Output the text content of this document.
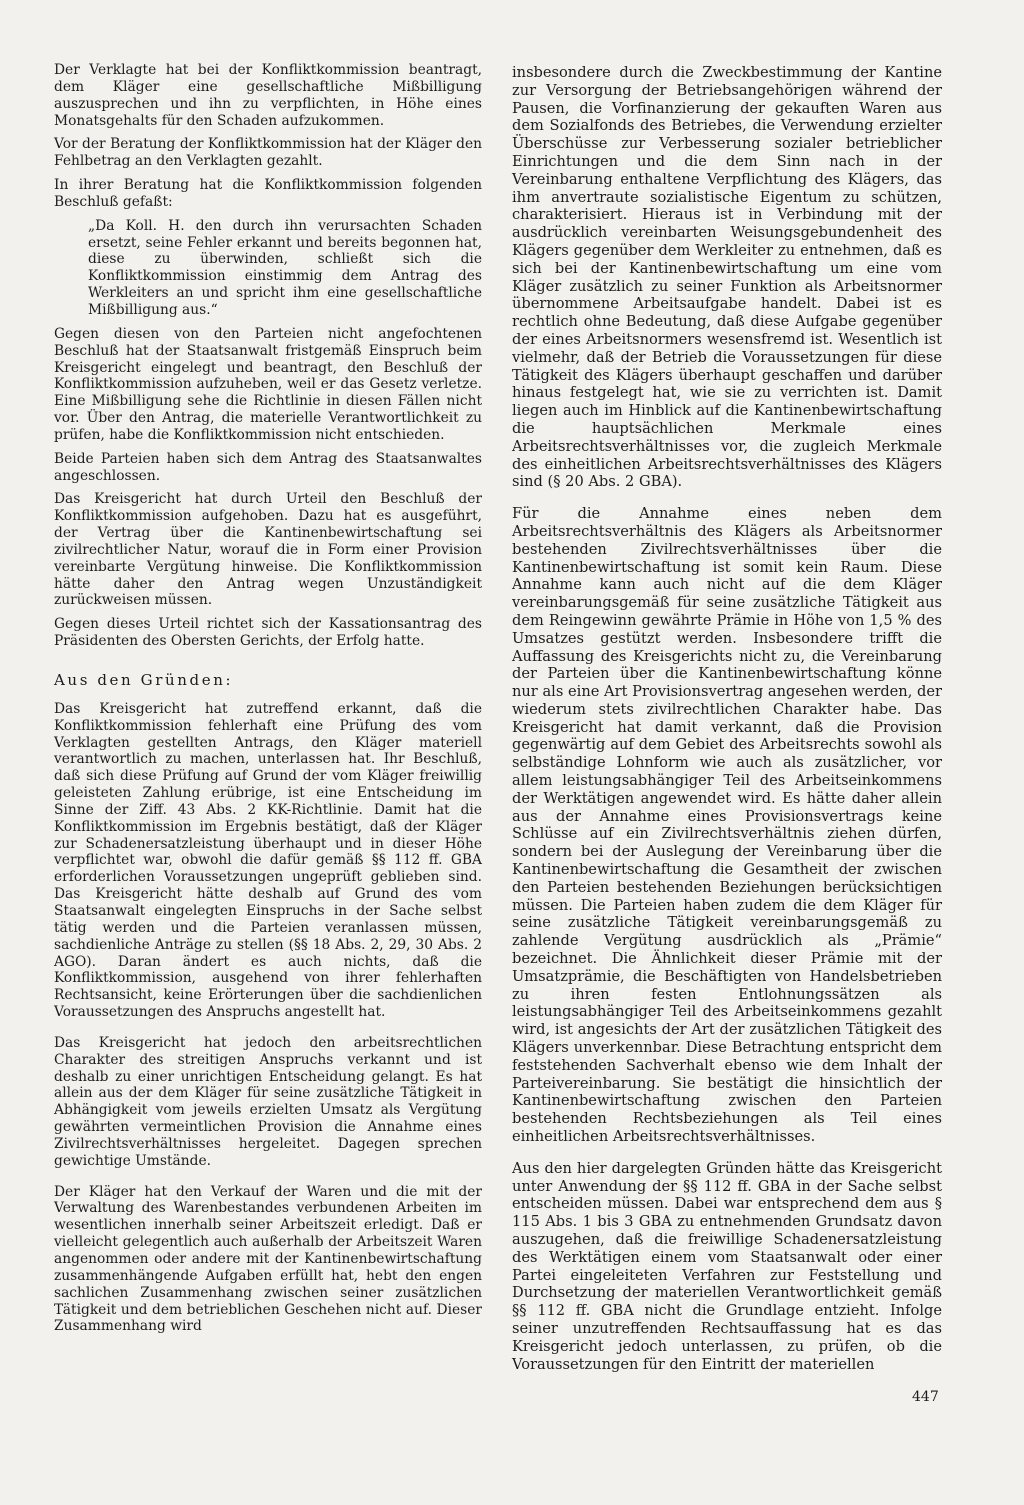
Der Verklagte hat bei der Konfliktkommission beantragt, dem Kläger eine gesellschaftliche Mißbilligung auszusprechen und ihn zu verpflichten, in Höhe eines Monatsgehalts für den Schaden aufzukommen.

Vor der Beratung der Konfliktkommission hat der Kläger den Fehlbetrag an den Verklagten gezahlt.

In ihrer Beratung hat die Konfliktkommission folgenden Beschluß gefaßt:

„Da Koll. H. den durch ihn verursachten Schaden ersetzt, seine Fehler erkannt und bereits begonnen hat, diese zu überwinden, schließt sich die Konfliktkommission einstimmig dem Antrag des Werkleiters an und spricht ihm eine gesellschaftliche Mißbilligung aus.“

Gegen diesen von den Parteien nicht angefochtenen Beschluß hat der Staatsanwalt fristgemäß Einspruch beim Kreisgericht eingelegt und beantragt, den Beschluß der Konfliktkommission aufzuheben, weil er das Gesetz verletze. Eine Mißbilligung sehe die Richtlinie in diesen Fällen nicht vor. Über den Antrag, die materielle Verantwortlichkeit zu prüfen, habe die Konfliktkommission nicht entschieden.

Beide Parteien haben sich dem Antrag des Staatsanwaltes angeschlossen.

Das Kreisgericht hat durch Urteil den Beschluß der Konfliktkommission aufgehoben. Dazu hat es ausgeführt, der Vertrag über die Kantinenbewirtschaftung sei zivilrechtlicher Natur, worauf die in Form einer Provision vereinbarte Vergütung hinweise. Die Konfliktkommission hätte daher den Antrag wegen Unzuständigkeit zurückweisen müssen.

Gegen dieses Urteil richtet sich der Kassationsantrag des Präsidenten des Obersten Gerichts, der Erfolg hatte.

Aus den Gründen:

Das Kreisgericht hat zutreffend erkannt, daß die Konfliktkommission fehlerhaft eine Prüfung des vom Verklagten gestellten Antrags, den Kläger materiell verantwortlich zu machen, unterlassen hat. Ihr Beschluß, daß sich diese Prüfung auf Grund der vom Kläger freiwillig geleisteten Zahlung erübrige, ist eine Entscheidung im Sinne der Ziff. 43 Abs. 2 KK-Richtlinie. Damit hat die Konfliktkommission im Ergebnis bestätigt, daß der Kläger zur Schadenersatzleistung überhaupt und in dieser Höhe verpflichtet war, obwohl die dafür gemäß §§ 112 ff. GBA erforderlichen Voraussetzungen ungeprüft geblieben sind. Das Kreisgericht hätte deshalb auf Grund des vom Staatsanwalt eingelegten Einspruchs in der Sache selbst tätig werden und die Parteien veranlassen müssen, sachdienliche Anträge zu stellen (§§ 18 Abs. 2, 29, 30 Abs. 2 AGO). Daran ändert es auch nichts, daß die Konfliktkommission, ausgehend von ihrer fehlerhaften Rechtsansicht, keine Erörterungen über die sachdienlichen Voraussetzungen des Anspruchs angestellt hat.

Das Kreisgericht hat jedoch den arbeitsrechtlichen Charakter des streitigen Anspruchs verkannt und ist deshalb zu einer unrichtigen Entscheidung gelangt. Es hat allein aus der dem Kläger für seine zusätzliche Tätigkeit in Abhängigkeit vom jeweils erzielten Umsatz als Vergütung gewährten vermeintlichen Provision die Annahme eines Zivilrechtsverhältnisses hergeleitet. Dagegen sprechen gewichtige Umstände.

Der Kläger hat den Verkauf der Waren und die mit der Verwaltung des Warenbestandes verbundenen Arbeiten im wesentlichen innerhalb seiner Arbeitszeit erledigt. Daß er vielleicht gelegentlich auch außerhalb der Arbeitszeit Waren angenommen oder andere mit der Kantinenbewirtschaftung zusammenhängende Aufgaben erfüllt hat, hebt den engen sachlichen Zusammenhang zwischen seiner zusätzlichen Tätigkeit und dem betrieblichen Geschehen nicht auf. Dieser Zusammenhang wird

insbesondere durch die Zweckbestimmung der Kantine zur Versorgung der Betriebsangehörigen während der Pausen, die Vorfinanzierung der gekauften Waren aus dem Sozialfonds des Betriebes, die Verwendung erzielter Überschüsse zur Verbesserung sozialer betrieblicher Einrichtungen und die dem Sinn nach in der Vereinbarung enthaltene Verpflichtung des Klägers, das ihm anvertraute sozialistische Eigentum zu schützen, charakterisiert. Hieraus ist in Verbindung mit der ausdrücklich vereinbarten Weisungsgebundenheit des Klägers gegenüber dem Werkleiter zu entnehmen, daß es sich bei der Kantinenbewirtschaftung um eine vom Kläger zusätzlich zu seiner Funktion als Arbeitsnormer übernommene Arbeitsaufgabe handelt. Dabei ist es rechtlich ohne Bedeutung, daß diese Aufgabe gegenüber der eines Arbeitsnormers wesensfremd ist. Wesentlich ist vielmehr, daß der Betrieb die Voraussetzungen für diese Tätigkeit des Klägers überhaupt geschaffen und darüber hinaus festgelegt hat, wie sie zu verrichten ist. Damit liegen auch im Hinblick auf die Kantinenbewirtschaftung die hauptsächlichen Merkmale eines Arbeitsrechtsverhältnisses vor, die zugleich Merkmale des einheitlichen Arbeitsrechtsverhältnisses des Klägers sind (§ 20 Abs. 2 GBA).

Für die Annahme eines neben dem Arbeitsrechtsverhältnis des Klägers als Arbeitsnormer bestehenden Zivilrechtsverhältnisses über die Kantinenbewirtschaftung ist somit kein Raum. Diese Annahme kann auch nicht auf die dem Kläger vereinbarungsgemäß für seine zusätzliche Tätigkeit aus dem Reingewinn gewährte Prämie in Höhe von 1,5 % des Umsatzes gestützt werden. Insbesondere trifft die Auffassung des Kreisgerichts nicht zu, die Vereinbarung der Parteien über die Kantinenbewirtschaftung könne nur als eine Art Provisionsvertrag angesehen werden, der wiederum stets zivilrechtlichen Charakter habe. Das Kreisgericht hat damit verkannt, daß die Provision gegenwärtig auf dem Gebiet des Arbeitsrechts sowohl als selbständige Lohnform wie auch als zusätzlicher, vor allem leistungsabhängiger Teil des Arbeitseinkommens der Werktätigen angewendet wird. Es hätte daher allein aus der Annahme eines Provisionsvertrags keine Schlüsse auf ein Zivilrechtsverhältnis ziehen dürfen, sondern bei der Auslegung der Vereinbarung über die Kantinenbewirtschaftung die Gesamtheit der zwischen den Parteien bestehenden Beziehungen berücksichtigen müssen. Die Parteien haben zudem die dem Kläger für seine zusätzliche Tätigkeit vereinbarungsgemäß zu zahlende Vergütung ausdrücklich als „Prämie“ bezeichnet. Die Ähnlichkeit dieser Prämie mit der Umsatzprämie, die Beschäftigten von Handelsbetrieben zu ihren festen Entlohnungssätzen als leistungsabhängiger Teil des Arbeitseinkommens gezahlt wird, ist angesichts der Art der zusätzlichen Tätigkeit des Klägers unverkennbar. Diese Betrachtung entspricht dem feststehenden Sachverhalt ebenso wie dem Inhalt der Parteivereinbarung. Sie bestätigt die hinsichtlich der Kantinenbewirtschaftung zwischen den Parteien bestehenden Rechtsbeziehungen als Teil eines einheitlichen Arbeitsrechtsverhältnisses.

Aus den hier dargelegten Gründen hätte das Kreisgericht unter Anwendung der §§ 112 ff. GBA in der Sache selbst entscheiden müssen. Dabei war entsprechend dem aus § 115 Abs. 1 bis 3 GBA zu entnehmenden Grundsatz davon auszugehen, daß die freiwillige Schadenersatzleistung des Werktätigen einem vom Staatsanwalt oder einer Partei eingeleiteten Verfahren zur Feststellung und Durchsetzung der materiellen Verantwortlichkeit gemäß §§ 112 ff. GBA nicht die Grundlage entzieht. Infolge seiner unzutreffenden Rechtsauffassung hat es das Kreisgericht jedoch unterlassen, zu prüfen, ob die Voraussetzungen für den Eintritt der materiellen

447
